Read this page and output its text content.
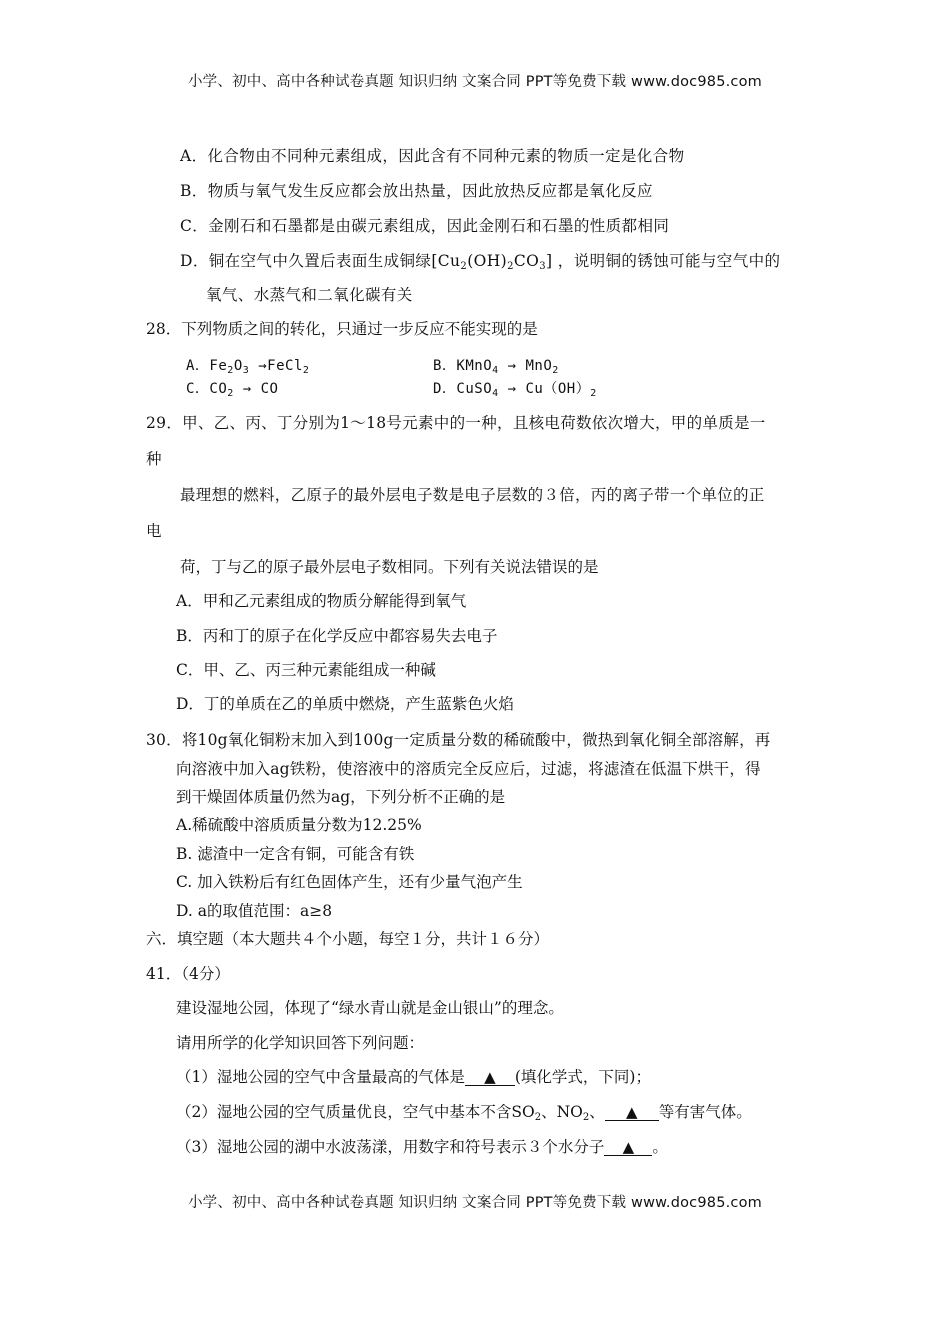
小学、初中、高中各种试卷真题 知识归纳 文案合同 PPT等免费下载 www.doc985.com
A．化合物由不同种元素组成，因此含有不同种元素的物质一定是化合物
B．物质与氧气发生反应都会放出热量，因此放热反应都是氧化反应
C．金刚石和石墨都是由碳元素组成，因此金刚石和石墨的性质都相同
D．铜在空气中久置后表面生成铜绿$[Cu_2(OH)_2CO_3]$ ，说明铜的锈蚀可能与空气中的
氧气、水蒸气和二氧化碳有关
28．下列物质之间的转化，只通过一步反应不能实现的是
A．$Fe_2O_3$ →FeCl$_2$	B．KMnO$_4$ → MnO$_2$
C．$CO_2$ → CO	D．CuSO$_4$ → $Cu(OH)_2$
29．甲、乙、丙、丁分别为1～18号元素中的一种，且核电荷数依次增大，甲的单质是一
种
最理想的燃料，乙原子的最外层电子数是电子层数的３倍，丙的离子带一个单位的正
电
荷，丁与乙的原子最外层电子数相同。下列有关说法错误的是
A．甲和乙元素组成的物质分解能得到氧气
B．丙和丁的原子在化学反应中都容易失去电子
C．甲、乙、丙三种元素能组成一种碱
D．丁的单质在乙的单质中燃烧，产生蓝紫色火焰
30．将10g氧化铜粉末加入到100g一定质量分数的稀硫酸中，微热到氧化铜全部溶解，再
向溶液中加入ag铁粉，使溶液中的溶质完全反应后，过滤，将滤渣在低温下烘干，得
到干燥固体质量仍然为ag，下列分析不正确的是
A.稀硫酸中溶质质量分数为12.25%
B. 滤渣中一定含有铜，可能含有铁
C. 加入铁粉后有红色固体产生，还有少量气泡产生
D. a的取值范围：a≥8
六．填空题（本大题共４个小题，每空１分，共计１６分）
41．（4分）
建设湿地公园，体现了“绿水青山就是金山银山”的理念。
请用所学的化学知识回答下列问题：
（1）湿地公园的空气中含量最高的气体是 ▲ (填化学式，下同)；
（2）湿地公园的空气质量优良，空气中基本不含$SO_2$、$NO_2$、 ▲ 等有害气体。
（3）湿地公园的湖中水波荡漾，用数字和符号表示３个水分子 ▲ 。
小学、初中、高中各种试卷真题 知识归纳 文案合同 PPT等免费下载 www.doc985.com
